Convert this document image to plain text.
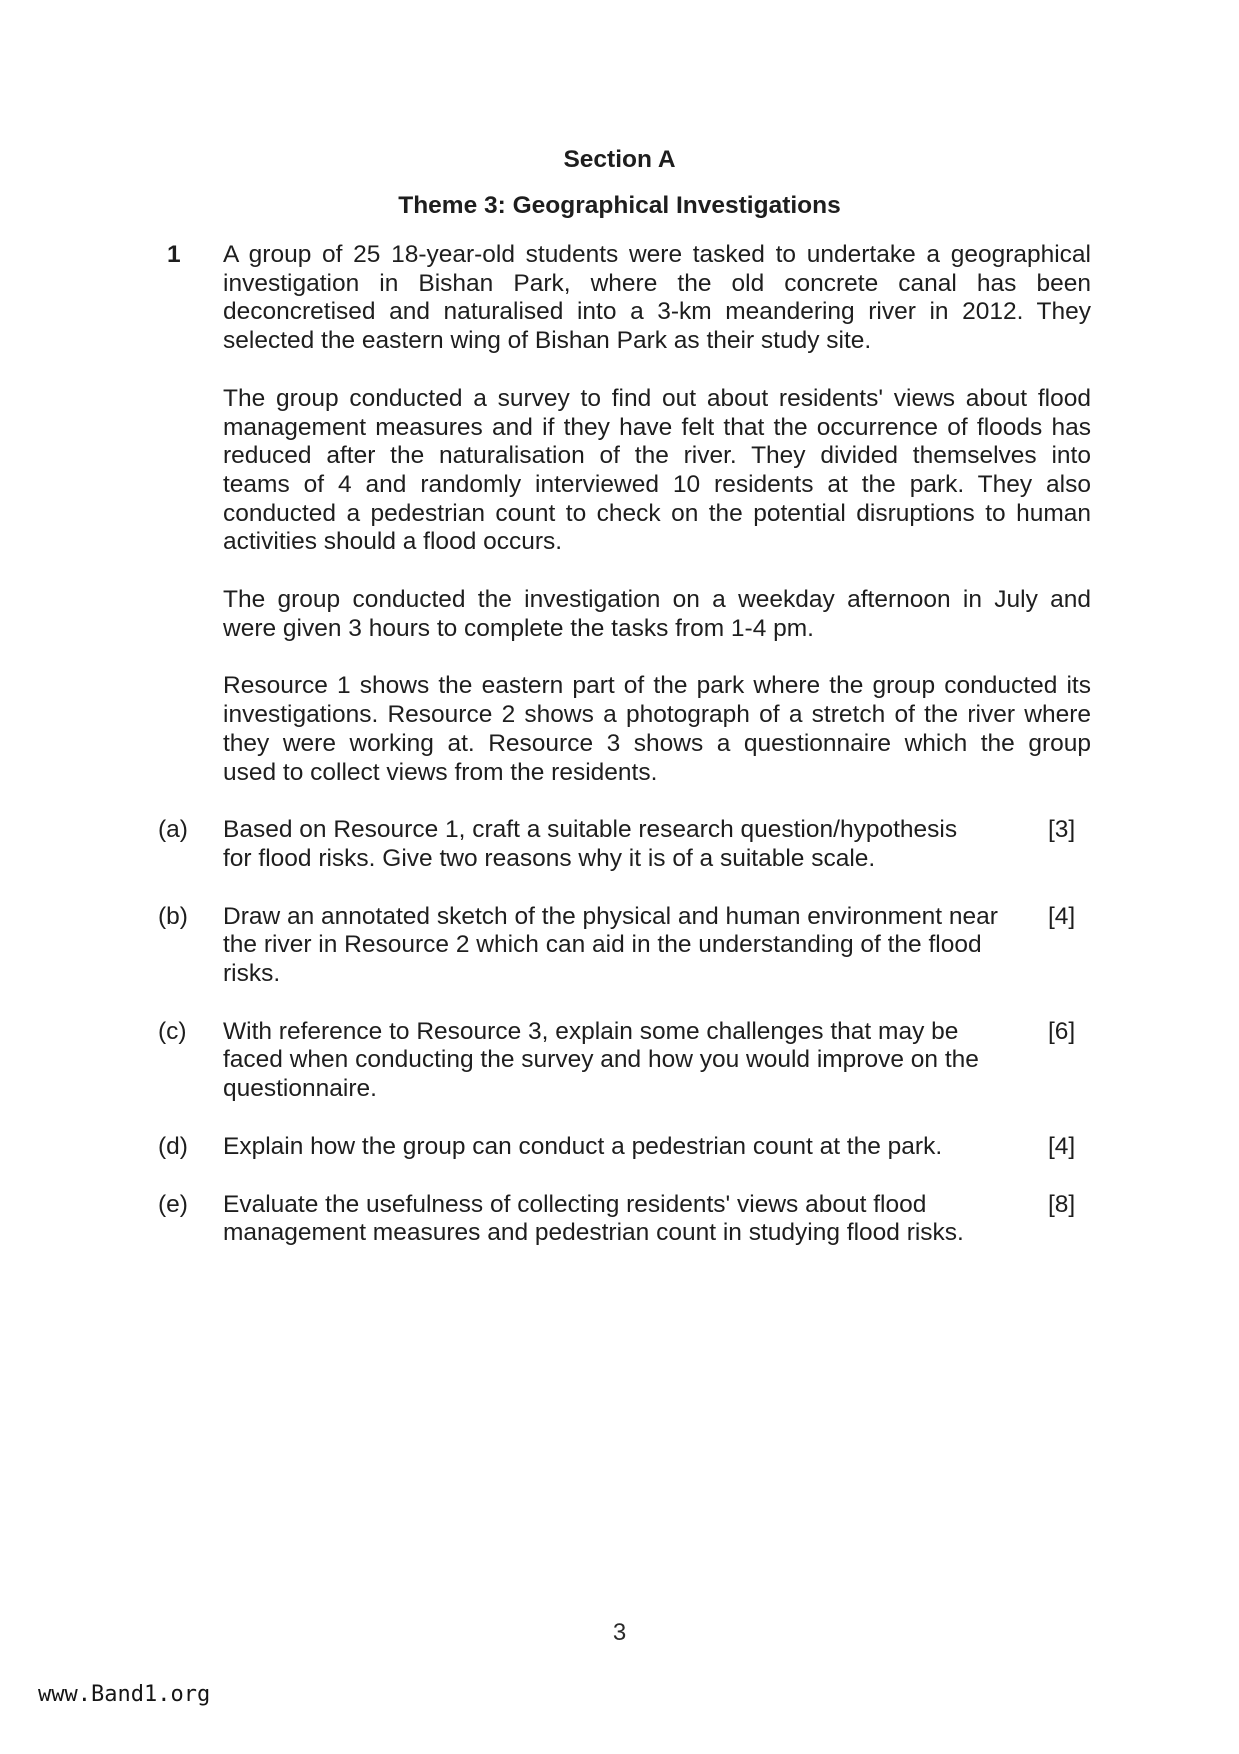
Section A
Theme 3: Geographical Investigations
1	A group of 25 18-year-old students were tasked to undertake a geographical
investigation in Bishan Park, where the old concrete canal has been
deconcretised and naturalised into a 3-km meandering river in 2012. They
selected the eastern wing of Bishan Park as their study site.

The group conducted a survey to find out about residents' views about flood
management measures and if they have felt that the occurrence of floods has
reduced after the naturalisation of the river. They divided themselves into
teams of 4 and randomly interviewed 10 residents at the park. They also
conducted a pedestrian count to check on the potential disruptions to human
activities should a flood occurs.

The group conducted the investigation on a weekday afternoon in July and
were given 3 hours to complete the tasks from 1-4 pm.

Resource 1 shows the eastern part of the park where the group conducted its
investigations. Resource 2 shows a photograph of a stretch of the river where
they were working at. Resource 3 shows a questionnaire which the group
used to collect views from the residents.

(a)	Based on Resource 1, craft a suitable research question/hypothesis
for flood risks. Give two reasons why it is of a suitable scale.
[3]
(b)	Draw an annotated sketch of the physical and human environment near
the river in Resource 2 which can aid in the understanding of the flood
risks.
[4]
(c)	With reference to Resource 3, explain some challenges that may be
faced when conducting the survey and how you would improve on the
questionnaire.
[6]
(d)	Explain how the group can conduct a pedestrian count at the park.	[4]
(e)	Evaluate the usefulness of collecting residents' views about flood
management measures and pedestrian count in studying flood risks.
[8]
3
www.Band1.org
